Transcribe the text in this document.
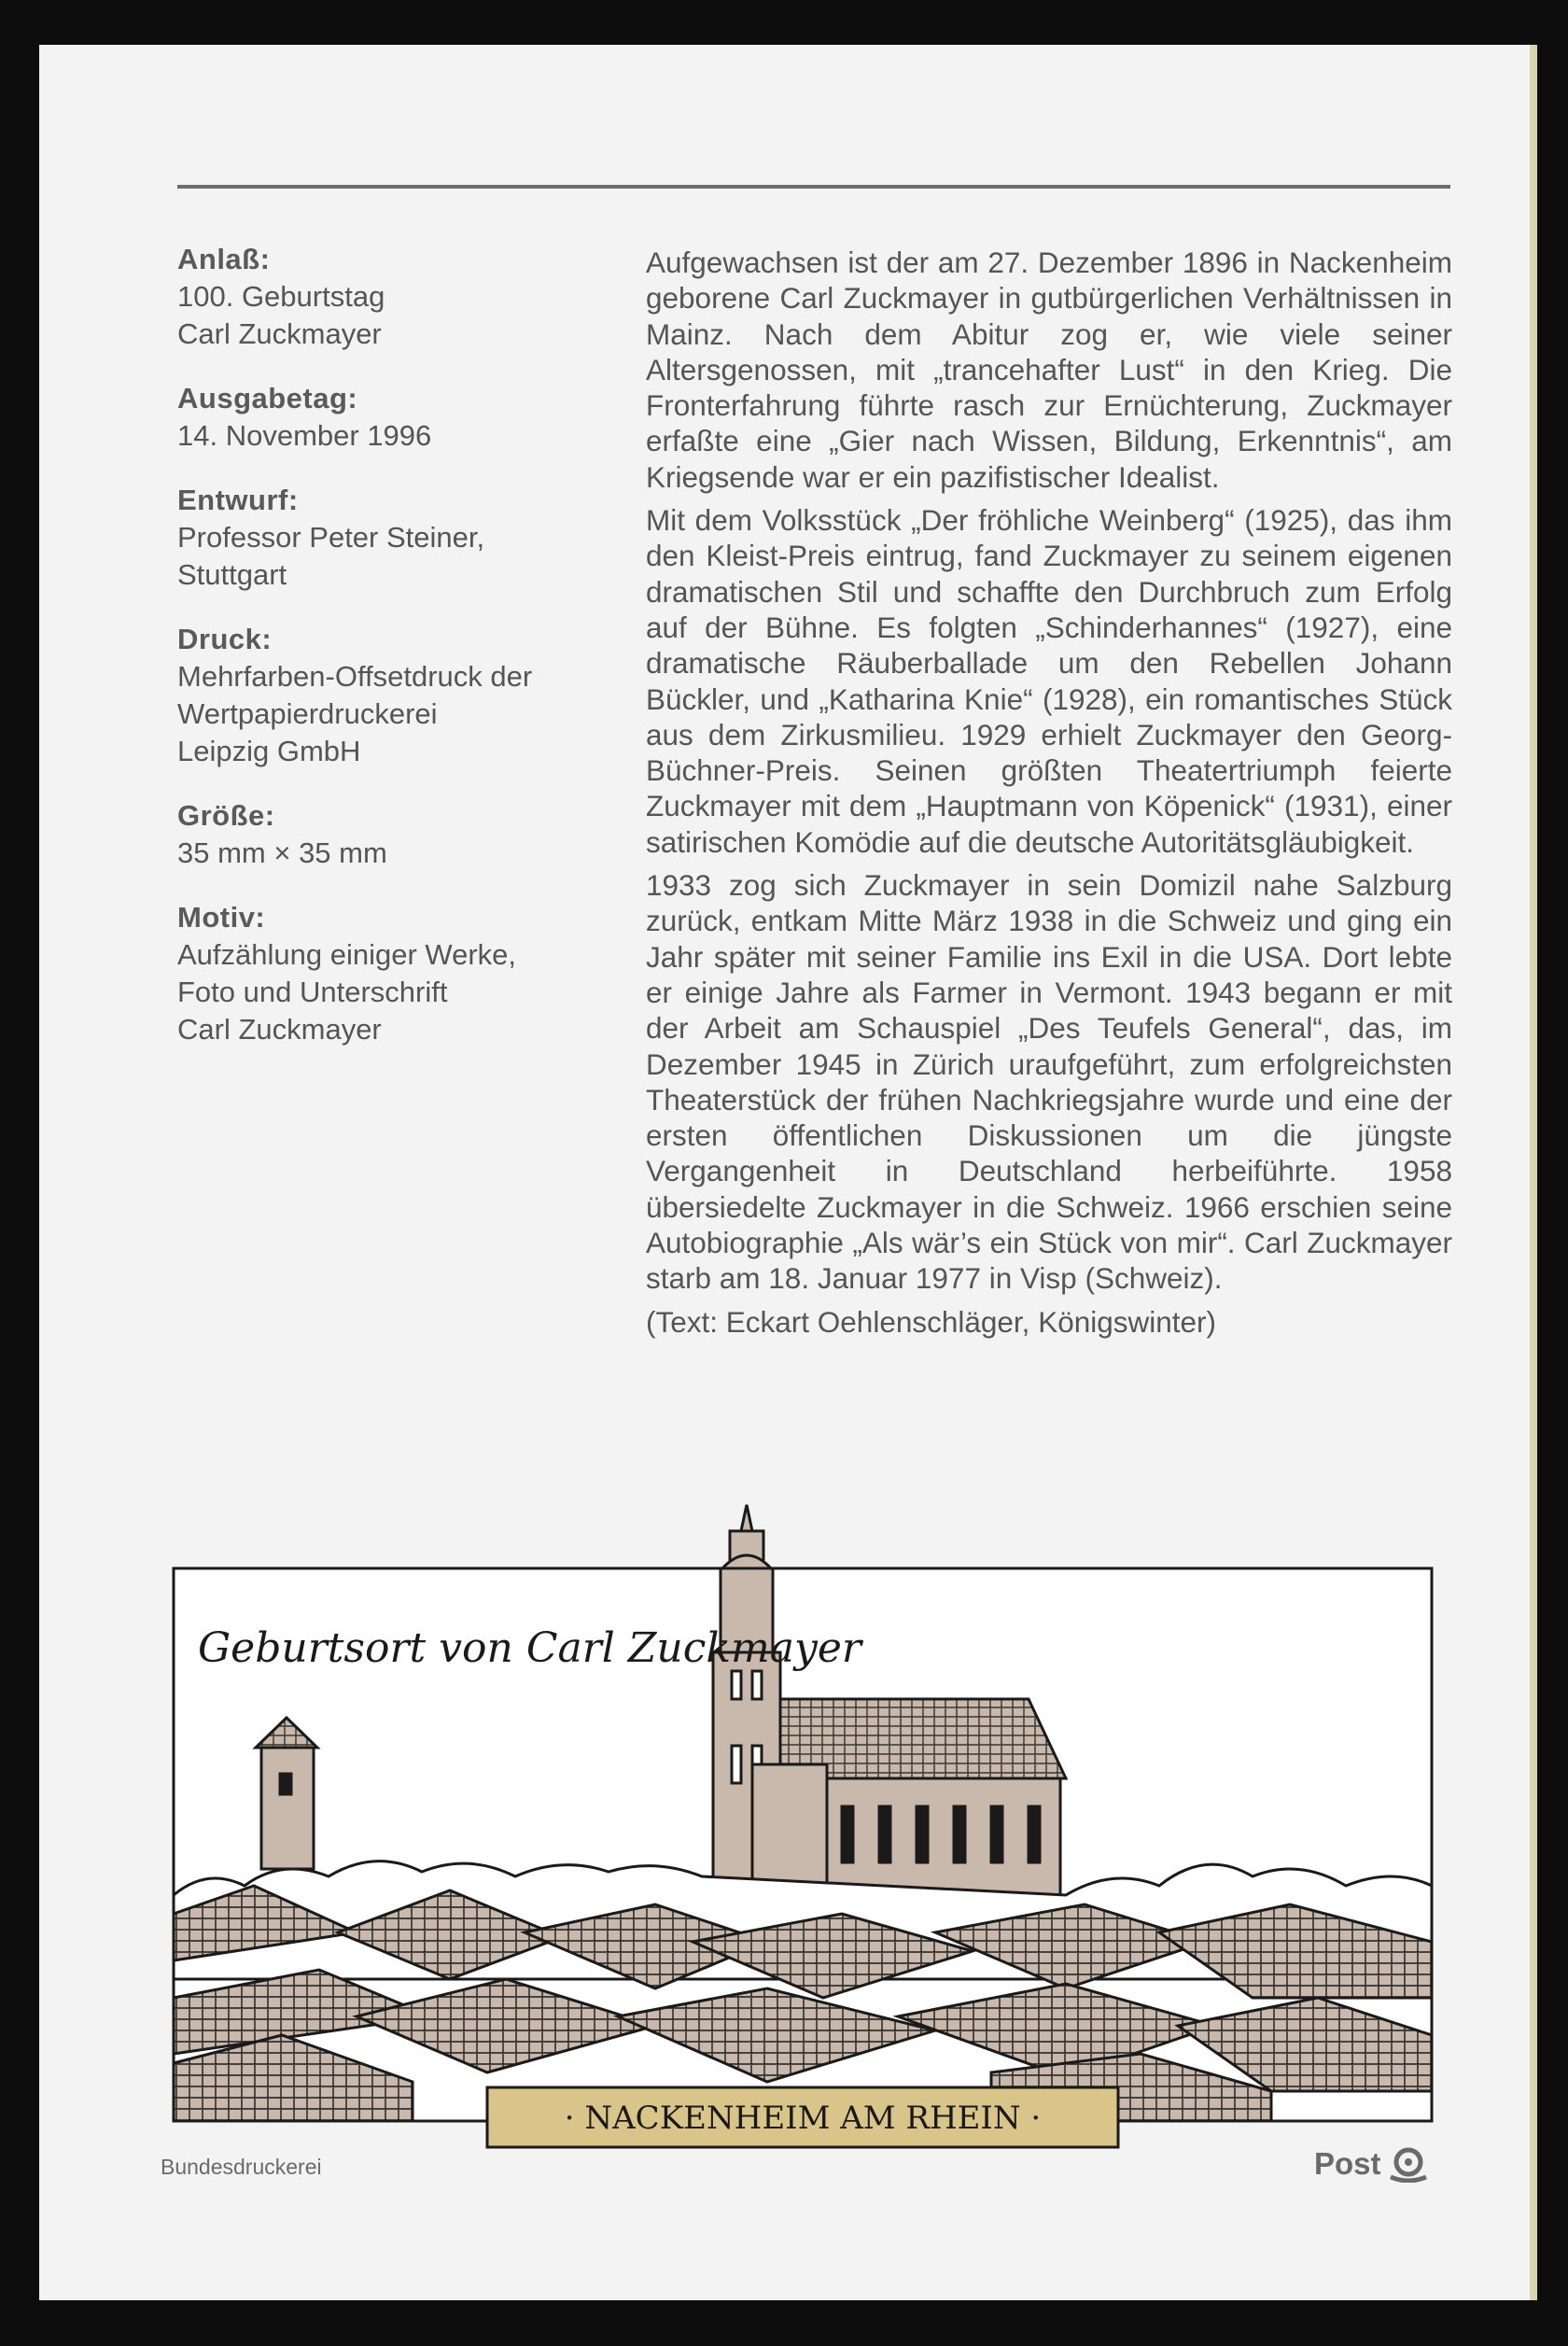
Anlaß:
100. Geburtstag
Carl Zuckmayer
Ausgabetag:
14. November 1996
Entwurf:
Professor Peter Steiner,
Stuttgart
Druck:
Mehrfarben-Offsetdruck der
Wertpapierdruckerei
Leipzig GmbH
Größe:
35 mm × 35 mm
Motiv:
Aufzählung einiger Werke,
Foto und Unterschrift
Carl Zuckmayer

Aufgewachsen ist der am 27. Dezember 1896 in Nackenheim geborene Carl Zuckmayer in gutbürgerlichen Verhältnissen in Mainz. Nach dem Abitur zog er, wie viele seiner Altersgenossen, mit „trancehafter Lust“ in den Krieg. Die Fronterfahrung führte rasch zur Ernüchterung, Zuckmayer erfaßte eine „Gier nach Wissen, Bildung, Erkenntnis“, am Kriegsende war er ein pazifistischer Idealist.

Mit dem Volksstück „Der fröhliche Weinberg“ (1925), das ihm den Kleist-Preis eintrug, fand Zuckmayer zu seinem eigenen dramatischen Stil und schaffte den Durchbruch zum Erfolg auf der Bühne. Es folgten „Schinderhannes“ (1927), eine dramatische Räuberballade um den Rebellen Johann Bückler, und „Katharina Knie“ (1928), ein romantisches Stück aus dem Zirkusmilieu. 1929 erhielt Zuckmayer den Georg-Büchner-Preis. Seinen größten Theatertriumph feierte Zuckmayer mit dem „Hauptmann von Köpenick“ (1931), einer satirischen Komödie auf die deutsche Autoritätsgläubigkeit.

1933 zog sich Zuckmayer in sein Domizil nahe Salzburg zurück, entkam Mitte März 1938 in die Schweiz und ging ein Jahr später mit seiner Familie ins Exil in die USA. Dort lebte er einige Jahre als Farmer in Vermont. 1943 begann er mit der Arbeit am Schauspiel „Des Teufels General“, das, im Dezember 1945 in Zürich uraufgeführt, zum erfolgreichsten Theaterstück der frühen Nachkriegsjahre wurde und eine der ersten öffentlichen Diskussionen um die jüngste Vergangenheit in Deutschland herbeiführte. 1958 übersiedelte Zuckmayer in die Schweiz. 1966 erschien seine Autobiographie „Als wär’s ein Stück von mir“. Carl Zuckmayer starb am 18. Januar 1977 in Visp (Schweiz).

(Text: Eckart Oehlenschläger, Königswinter)
Geburtsort von Carl Zuckmayer
· NACKENHEIM AM RHEIN ·
Bundesdruckerei	Post
